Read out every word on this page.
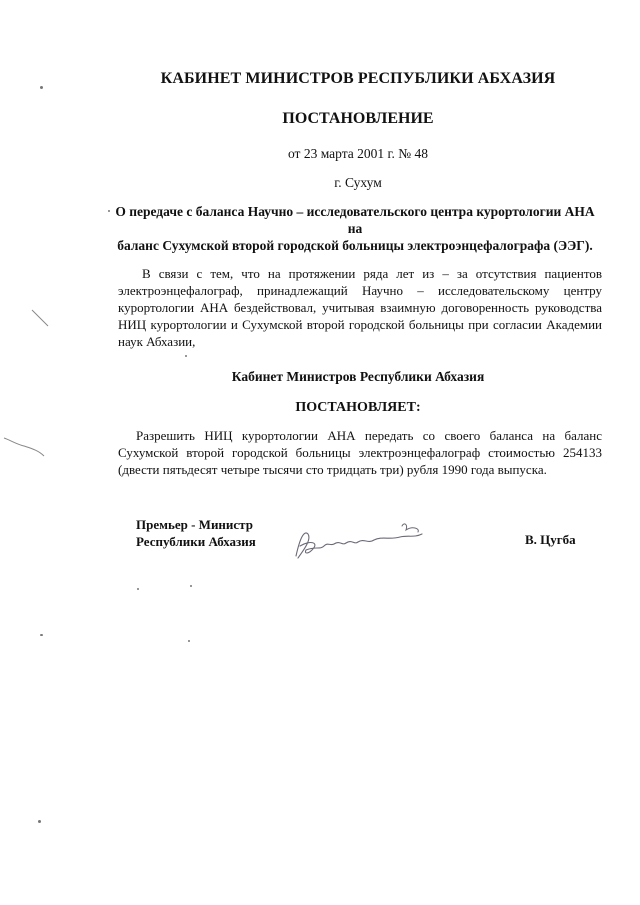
КАБИНЕТ МИНИСТРОВ РЕСПУБЛИКИ АБХАЗИЯ
ПОСТАНОВЛЕНИЕ
от 23 марта 2001 г. № 48
г. Сухум
О передаче с баланса Научно – исследовательского центра курортологии АНА на
баланс Сухумской второй городской больницы электроэнцефалографа (ЭЭГ).
В связи с тем, что на протяжении ряда лет из – за отсутствия пациентов электроэнцефалограф, принадлежащий Научно – исследовательскому центру курортологии АНА бездействовал, учитывая взаимную договоренность руководства НИЦ курортологии и Сухумской второй городской больницы при согласии Академии наук Абхазии,
Кабинет Министров Республики Абхазия
ПОСТАНОВЛЯЕТ:
Разрешить НИЦ курортологии АНА передать со своего баланса на баланс Сухумской второй городской больницы электроэнцефалограф стоимостью 254133 (двести пятьдесят четыре тысячи сто тридцать три) рубля 1990 года выпуска.
Премьер - Министр
Республики Абхазия	В. Цугба
